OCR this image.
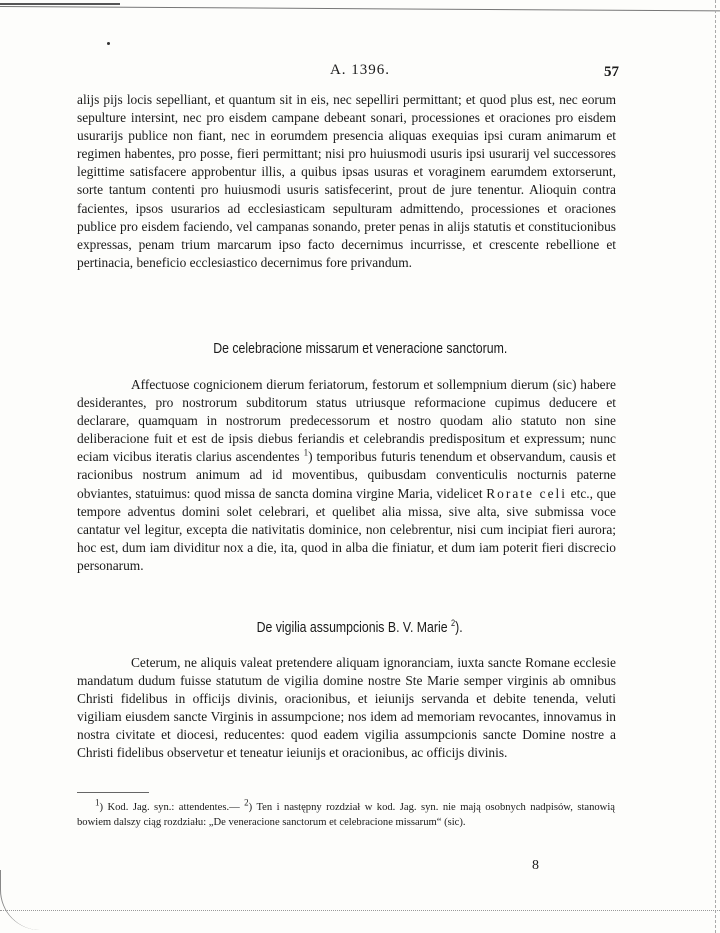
A. 1396.	57

alijs pijs locis sepelliant, et quantum sit in eis, nec sepelliri permittant; et quod plus est, nec eorum sepulture intersint, nec pro eisdem campane debeant sonari, processiones et oraciones pro eisdem usurarijs publice non fiant, nec in eorumdem presencia aliquas exequias ipsi curam animarum et regimen habentes, pro posse, fieri permittant; nisi pro huiusmodi usuris ipsi usurarij vel successores legittime satisfacere approbentur illis, a quibus ipsas usuras et voraginem earumdem extorserunt, sorte tantum contenti pro huiusmodi usuris satisfecerint, prout de jure tenentur. Alioquin contra facientes, ipsos usurarios ad ecclesiasticam sepulturam admittendo, processiones et oraciones publice pro eisdem faciendo, vel campanas sonando, preter penas in alijs statutis et constitucionibus expressas, penam trium marcarum ipso facto decernimus incurrisse, et crescente rebellione et pertinacia, beneficio ecclesiastico decernimus fore privandum.

De celebracione missarum et veneracione sanctorum.

Affectuose cognicionem dierum feriatorum, festorum et sollempnium dierum (sic) habere desiderantes, pro nostrorum subditorum status utriusque reformacione cupimus deducere et declarare, quamquam in nostrorum predecessorum et nostro quodam alio statuto non sine deliberacione fuit et est de ipsis diebus feriandis et celebrandis predispositum et expressum; nunc eciam vicibus iteratis clarius ascendentes $^1$) temporibus futuris tenendum et observandum, causis et racionibus nostrum animum ad id moventibus, quibusdam conventiculis nocturnis paterne obviantes, statuimus: quod missa de sancta domina virgine Maria, videlicet Rorate celi etc., que tempore adventus domini solet celebrari, et quelibet alia missa, sive alta, sive submissa voce cantatur vel legitur, excepta die nativitatis dominice, non celebrentur, nisi cum incipiat fieri aurora; hoc est, dum iam dividitur nox a die, ita, quod in alba die finiatur, et dum iam poterit fieri discrecio personarum.

De vigilia assumpcionis B. V. Marie $^2$).

Ceterum, ne aliquis valeat pretendere aliquam ignoranciam, iuxta sancte Romane ecclesie mandatum dudum fuisse statutum de vigilia domine nostre Ste Marie semper virginis ab omnibus Christi fidelibus in officijs divinis, oracionibus, et ieiunijs servanda et debite tenenda, veluti vigiliam eiusdem sancte Virginis in assumpcione; nos idem ad memoriam revocantes, innovamus in nostra civitate et diocesi, reducentes: quod eadem vigilia assumpcionis sancte Domine nostre a Christi fidelibus observetur et teneatur ieiunijs et oracionibus, ac officijs divinis.

$^1$) Kod. Jag. syn.: attendentes.— $^2$) Ten i następny rozdział w kod. Jag. syn. nie mają osobnych nadpisów, stanowią bowiem dalszy ciąg rozdziału: „De veneracione sanctorum et celebracione missarum“ (sic).
8
